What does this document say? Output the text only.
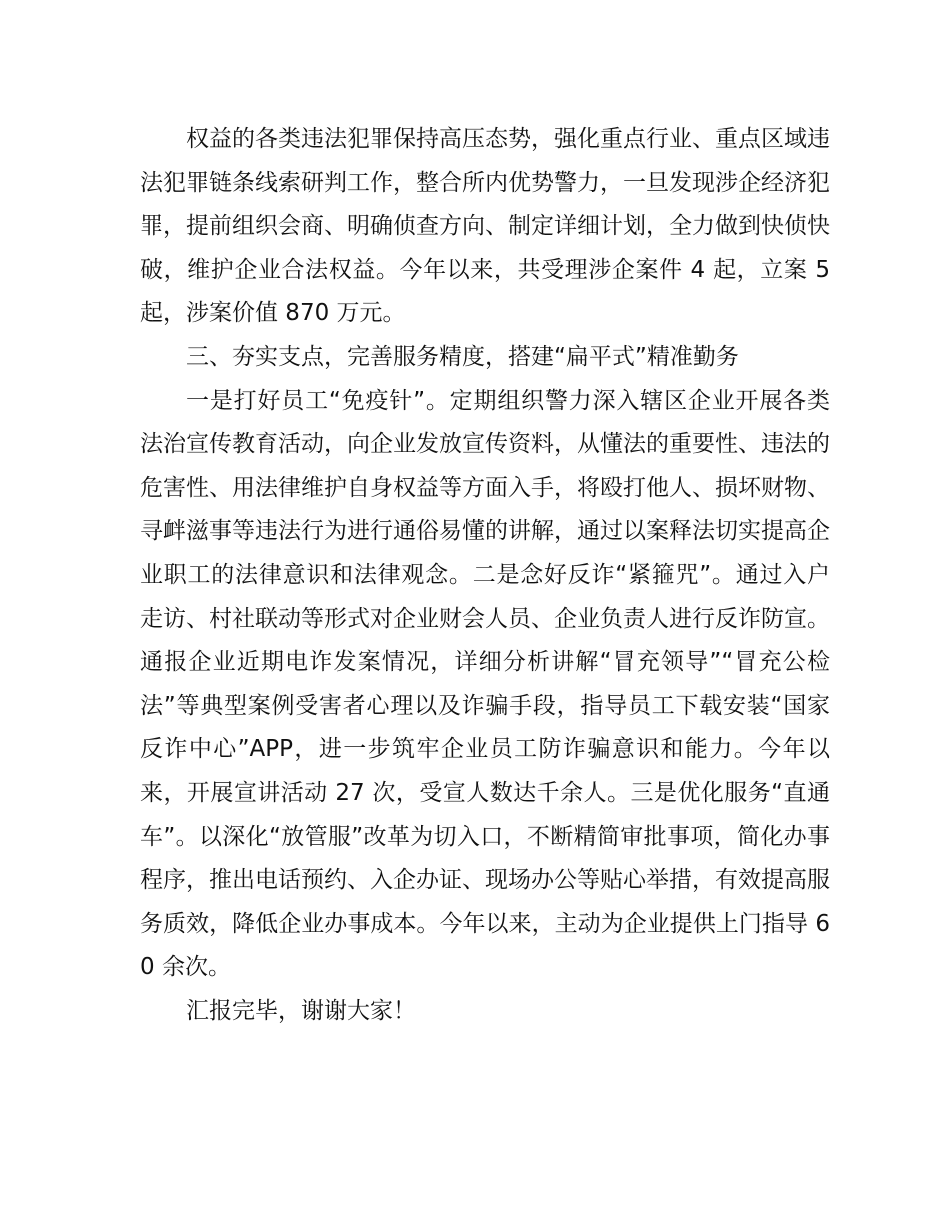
权益的各类违法犯罪保持高压态势，强化重点行业、重点区域违法犯罪链条线索研判工作，整合所内优势警力，一旦发现涉企经济犯罪，提前组织会商、明确侦查方向、制定详细计划，全力做到快侦快破，维护企业合法权益。今年以来，共受理涉企案件 4 起，立案 5 起，涉案价值 870 万元。

三、夯实支点，完善服务精度，搭建“扁平式”精准勤务

一是打好员工“免疫针”。定期组织警力深入辖区企业开展各类法治宣传教育活动，向企业发放宣传资料，从懂法的重要性、违法的危害性、用法律维护自身权益等方面入手，将殴打他人、损坏财物、寻衅滋事等违法行为进行通俗易懂的讲解，通过以案释法切实提高企业职工的法律意识和法律观念。二是念好反诈“紧箍咒”。通过入户走访、村社联动等形式对企业财会人员、企业负责人进行反诈防宣。通报企业近期电诈发案情况，详细分析讲解“冒充领导”“冒充公检法”等典型案例受害者心理以及诈骗手段，指导员工下载安装“国家反诈中心”APP，进一步筑牢企业员工防诈骗意识和能力。今年以来，开展宣讲活动 27 次，受宣人数达千余人。三是优化服务“直通车”。以深化“放管服”改革为切入口，不断精简审批事项，简化办事程序，推出电话预约、入企办证、现场办公等贴心举措，有效提高服务质效，降低企业办事成本。今年以来，主动为企业提供上门指导 60 余次。

汇报完毕，谢谢大家！
